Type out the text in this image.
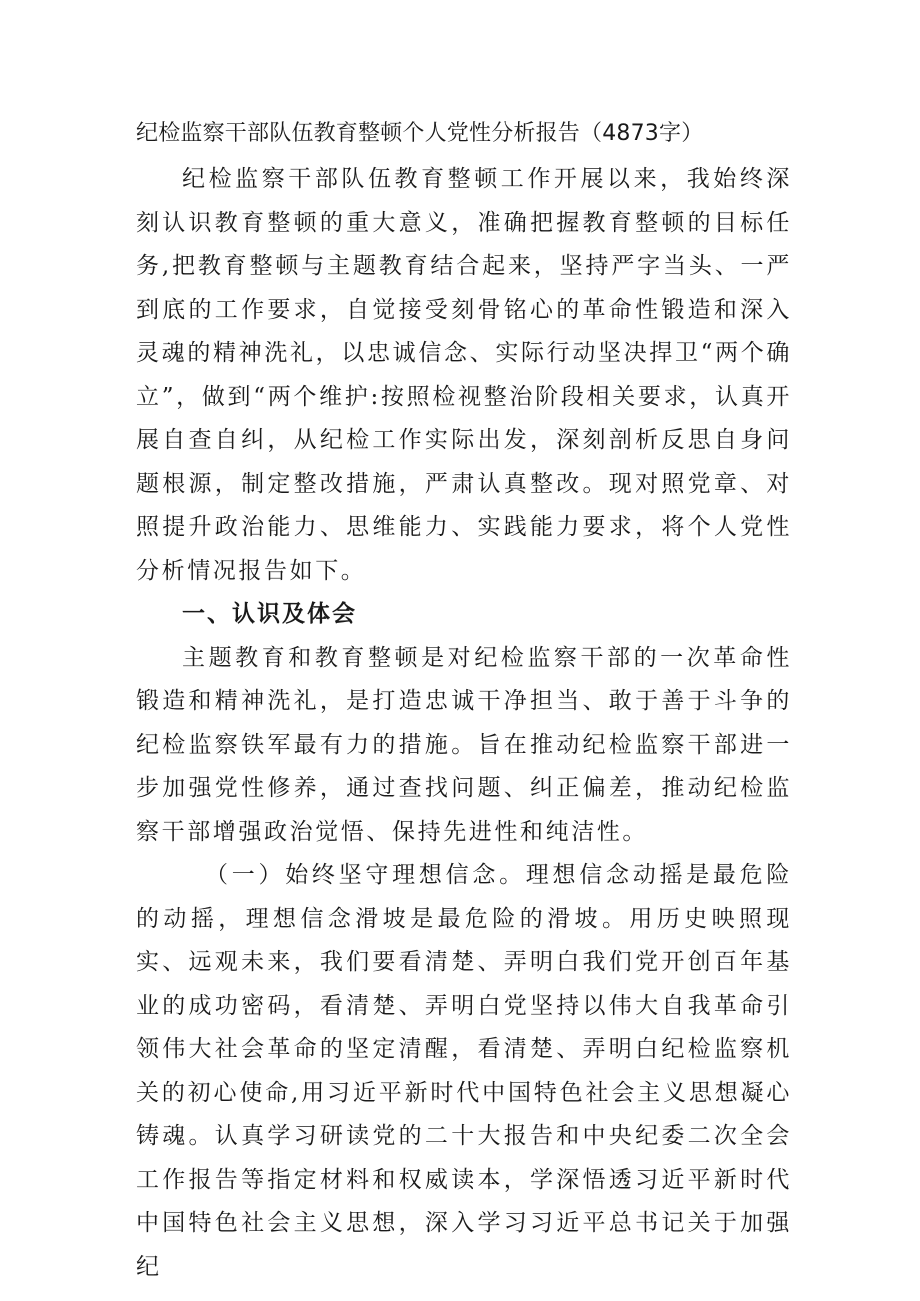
纪检监察干部队伍教育整顿个人党性分析报告（4873字）

纪检监察干部队伍教育整顿工作开展以来，我始终深刻认识教育整顿的重大意义，准确把握教育整顿的目标任务,把教育整顿与主题教育结合起来，坚持严字当头、一严到底的工作要求，自觉接受刻骨铭心的革命性锻造和深入灵魂的精神洗礼，以忠诚信念、实际行动坚决捍卫“两个确立”，做到“两个维护:按照检视整治阶段相关要求，认真开展自查自纠，从纪检工作实际出发，深刻剖析反思自身问题根源，制定整改措施，严肃认真整改。现对照党章、对照提升政治能力、思维能力、实践能力要求，将个人党性分析情况报告如下。

一、认识及体会

主题教育和教育整顿是对纪检监察干部的一次革命性锻造和精神洗礼，是打造忠诚干净担当、敢于善于斗争的纪检监察铁军最有力的措施。旨在推动纪检监察干部进一步加强党性修养，通过查找问题、纠正偏差，推动纪检监察干部增强政治觉悟、保持先进性和纯洁性。

（一）始终坚守理想信念。理想信念动摇是最危险的动摇，理想信念滑坡是最危险的滑坡。用历史映照现实、远观未来，我们要看清楚、弄明白我们党开创百年基业的成功密码，看清楚、弄明白党坚持以伟大自我革命引领伟大社会革命的坚定清醒，看清楚、弄明白纪检监察机关的初心使命,用习近平新时代中国特色社会主义思想凝心铸魂。认真学习研读党的二十大报告和中央纪委二次全会工作报告等指定材料和权威读本，学深悟透习近平新时代中国特色社会主义思想，深入学习习近平总书记关于加强纪
